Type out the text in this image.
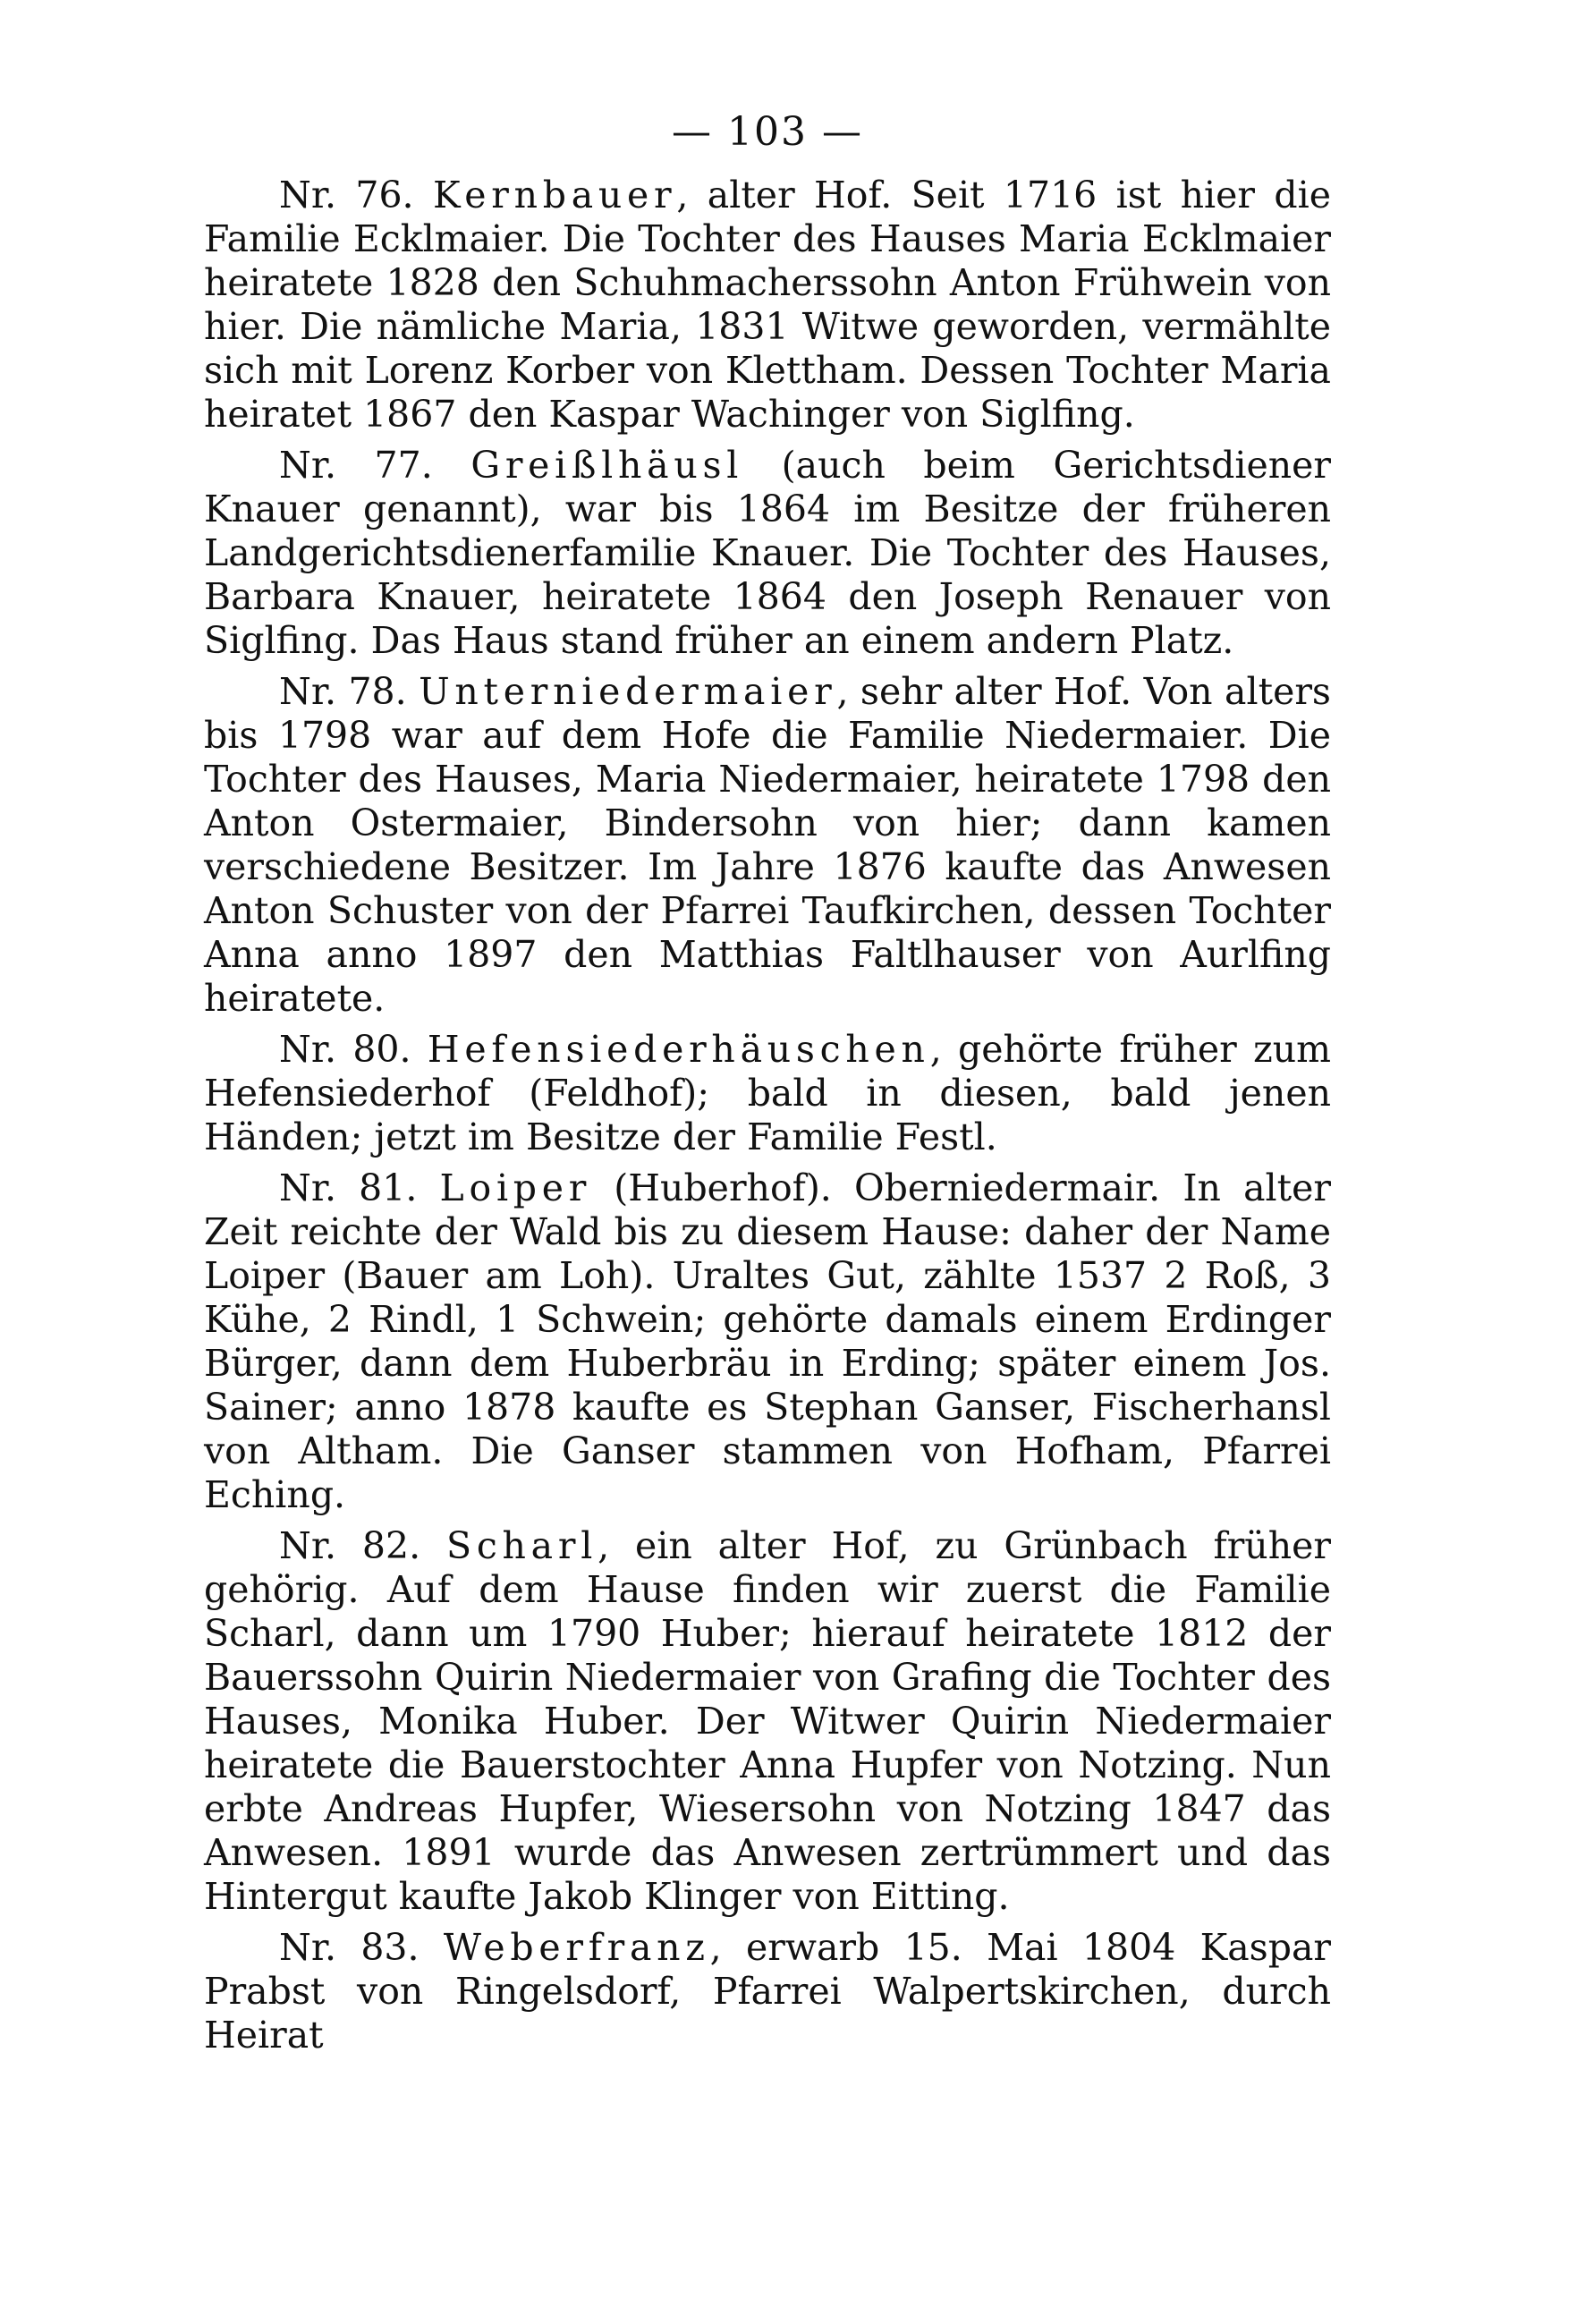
— 103 —

Nr. 76. Kernbauer, alter Hof. Seit 1716 ist hier die Familie Ecklmaier. Die Tochter des Hauses Maria Ecklmaier heiratete 1828 den Schuhmacherssohn Anton Frühwein von hier. Die nämliche Maria, 1831 Witwe geworden, vermählte sich mit Lorenz Korber von Klettham. Dessen Tochter Maria heiratet 1867 den Kaspar Wachinger von Siglfing.

Nr. 77. Greißlhäusl (auch beim Gerichtsdiener Knauer genannt), war bis 1864 im Besitze der früheren Landgerichtsdienerfamilie Knauer. Die Tochter des Hauses, Barbara Knauer, heiratete 1864 den Joseph Renauer von Siglfing. Das Haus stand früher an einem andern Platz.

Nr. 78. Unterniedermaier, sehr alter Hof. Von alters bis 1798 war auf dem Hofe die Familie Niedermaier. Die Tochter des Hauses, Maria Niedermaier, heiratete 1798 den Anton Ostermaier, Bindersohn von hier; dann kamen verschiedene Besitzer. Im Jahre 1876 kaufte das Anwesen Anton Schuster von der Pfarrei Taufkirchen, dessen Tochter Anna anno 1897 den Matthias Faltlhauser von Aurlfing heiratete.

Nr. 80. Hefensiederhäuschen, gehörte früher zum Hefensiederhof (Feldhof); bald in diesen, bald jenen Händen; jetzt im Besitze der Familie Festl.

Nr. 81. Loiper (Huberhof). Oberniedermair. In alter Zeit reichte der Wald bis zu diesem Hause: daher der Name Loiper (Bauer am Loh). Uraltes Gut, zählte 1537 2 Roß, 3 Kühe, 2 Rindl, 1 Schwein; gehörte damals einem Erdinger Bürger, dann dem Huberbräu in Erding; später einem Jos. Sainer; anno 1878 kaufte es Stephan Ganser, Fischerhansl von Altham. Die Ganser stammen von Hofham, Pfarrei Eching.

Nr. 82. Scharl, ein alter Hof, zu Grünbach früher gehörig. Auf dem Hause finden wir zuerst die Familie Scharl, dann um 1790 Huber; hierauf heiratete 1812 der Bauerssohn Quirin Niedermaier von Grafing die Tochter des Hauses, Monika Huber. Der Witwer Quirin Niedermaier heiratete die Bauerstochter Anna Hupfer von Notzing. Nun erbte Andreas Hupfer, Wiesersohn von Notzing 1847 das Anwesen. 1891 wurde das Anwesen zertrümmert und das Hintergut kaufte Jakob Klinger von Eitting.

Nr. 83. Weberfranz, erwarb 15. Mai 1804 Kaspar Prabst von Ringelsdorf, Pfarrei Walpertskirchen, durch Heirat
